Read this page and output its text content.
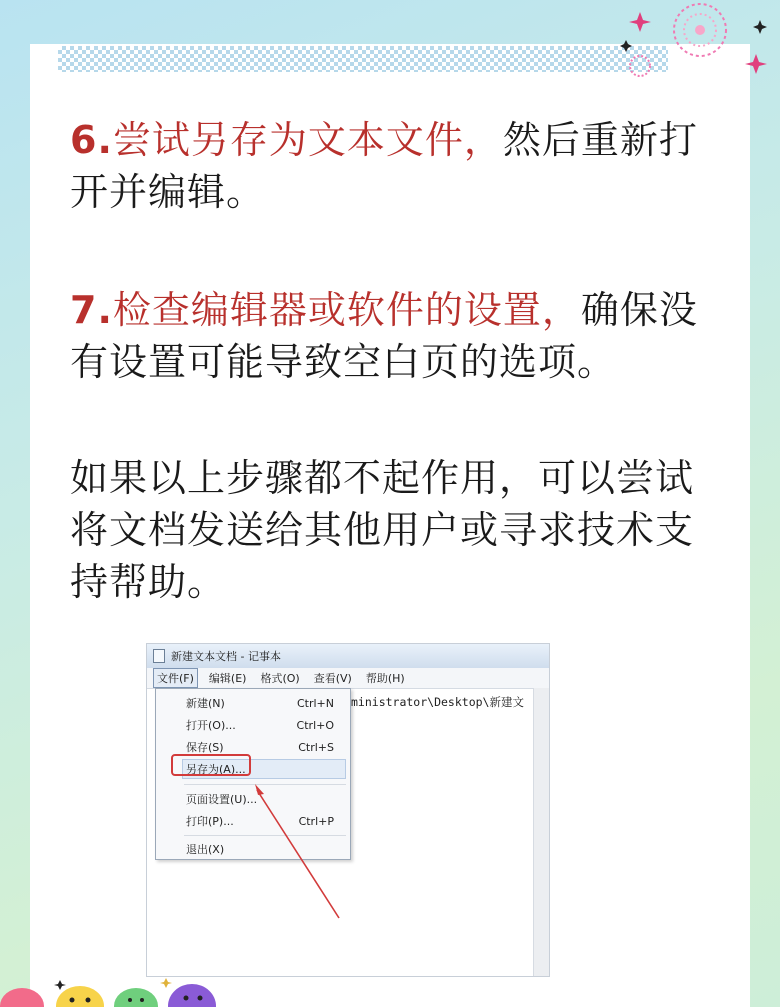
6.尝试另存为文本文件，然后重新打
开并编辑。
7.检查编辑器或软件的设置，确保没
有设置可能导致空白页的选项。
如果以上步骤都不起作用，可以尝试
将文档发送给其他用户或寻求技术支
持帮助。
新建文本文档 - 记事本
文件(F)	编辑(E) 格式(O) 查看(V) 帮助(H)
ministrator\Desktop\新建文
新建(N)	Ctrl+N
打开(O)...	Ctrl+O
保存(S)	Ctrl+S
另存为(A)...
页面设置(U)...
打印(P)...	Ctrl+P
退出(X)
